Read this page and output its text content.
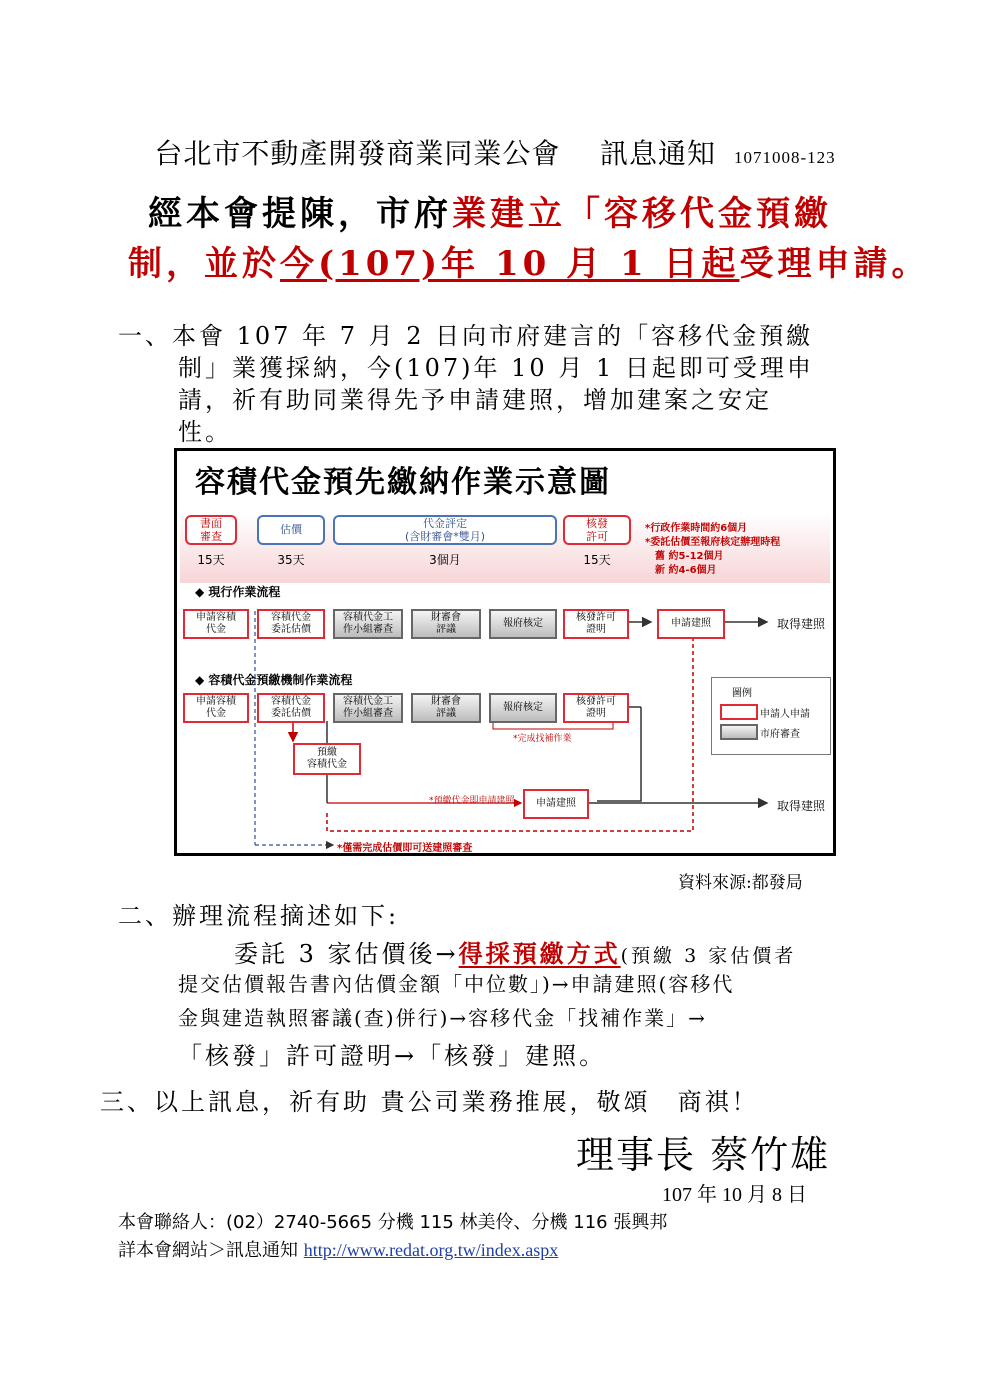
台北市不動產開發商業同業公會 訊息通知 1071008-123
經本會提陳，市府業建立「容移代金預繳
制，並於今(107)年 10 月 1 日起受理申請。
一、本會 107 年 7 月 2 日向市府建言的「容移代金預繳
制」業獲採納，今(107)年 10 月 1 日起即可受理申
請，祈有助同業得先予申請建照，增加建案之安定
性。
容積代金預先繳納作業示意圖
書面
審查
估價	代金評定
(含財審會*雙月)
核發
許可
15天	35天	3個月	15天
*行政作業時間約6個月
*委託估價至報府核定辦理時程
舊 約5-12個月
新 約4-6個月
◆ 現行作業流程
◆ 容積代金預繳機制作業流程
申請容積
代金
容積代金
委託估價
容積代金工
作小組審查
財審會
評議
報府核定
核發許可
證明
申請建照	取得建照
申請容積
代金
容積代金
委託估價
容積代金工
作小組審查
財審會
評議
報府核定
核發許可
證明
預繳
容積代金
申請建照	取得建照
*完成找補作業
*預繳代金即申請建照
*僅需完成估價即可送建照審查
圖例
申請人申請
市府審查
資料來源:都發局
二、辦理流程摘述如下:
委託 3 家估價後→得採預繳方式(預繳 3 家估價者
提交估價報告書內估價金額「中位數」)→申請建照(容移代
金與建造執照審議(查)併行)→容移代金「找補作業」→
「核發」許可證明→「核發」建照。
三、以上訊息，祈有助 貴公司業務推展，敬頌　商祺！
理事長 蔡竹雄
107 年 10 月 8 日
本會聯絡人：(02）2740-5665 分機 115 林美伶、分機 116 張興邦
詳本會網站＞訊息通知 http://www.redat.org.tw/index.aspx
